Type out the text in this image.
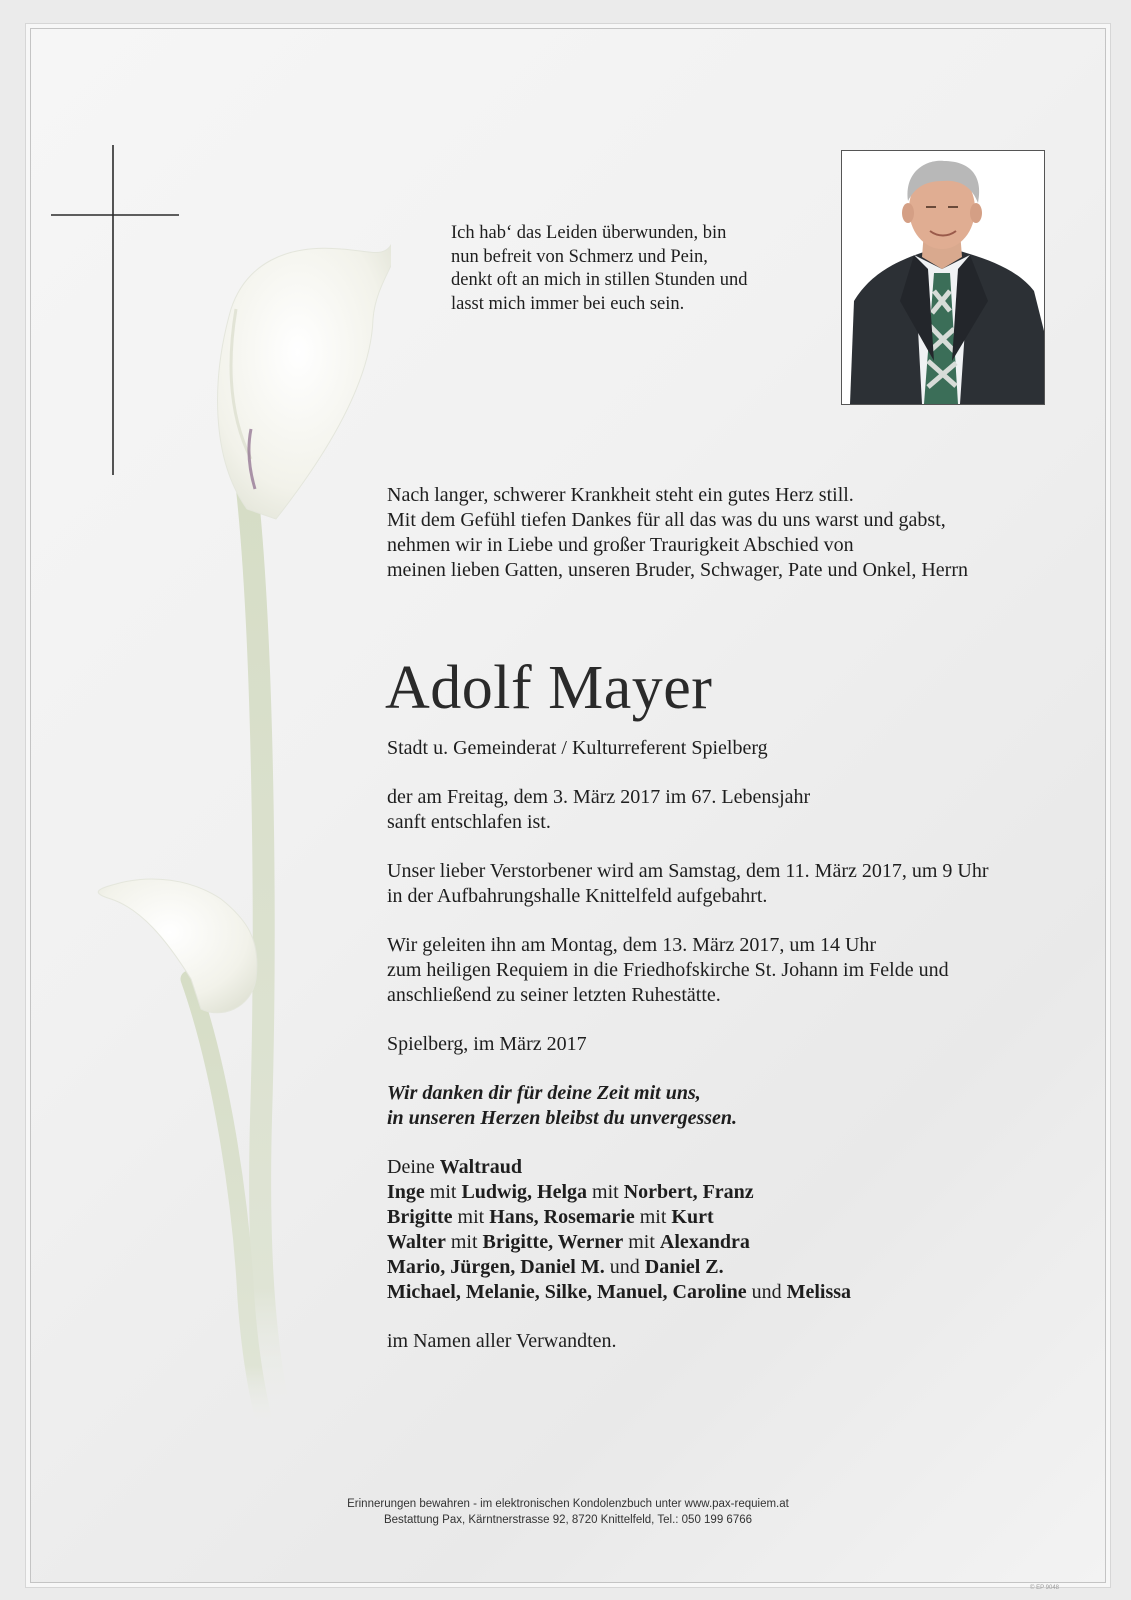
Ich hab‘ das Leiden überwunden, bin
nun befreit von Schmerz und Pein,
denkt oft an mich in stillen Stunden und
lasst mich immer bei euch sein.

Nach langer, schwerer Krankheit steht ein gutes Herz still.

Mit dem Gefühl tiefen Dankes für all das was du uns warst und gabst,

nehmen wir in Liebe und großer Traurigkeit Abschied von

meinen lieben Gatten, unseren Bruder, Schwager, Pate und Onkel, Herrn

Adolf Mayer
Stadt u. Gemeinderat / Kulturreferent Spielberg

der am Freitag, dem 3. März 2017 im 67. Lebensjahr

sanft entschlafen ist.

Unser lieber Verstorbener wird am Samstag, dem 11. März 2017, um 9 Uhr

in der Aufbahrungshalle Knittelfeld aufgebahrt.

Wir geleiten ihn am Montag, dem 13. März 2017, um 14 Uhr

zum heiligen Requiem in die Friedhofskirche St. Johann im Felde und

anschließend zu seiner letzten Ruhestätte.

Spielberg, im März 2017

Wir danken dir für deine Zeit mit uns,

in unseren Herzen bleibst du unvergessen.

Deine Waltraud

Inge mit Ludwig, Helga mit Norbert, Franz

Brigitte mit Hans, Rosemarie mit Kurt

Walter mit Brigitte, Werner mit Alexandra

Mario, Jürgen, Daniel M. und Daniel Z.

Michael, Melanie, Silke, Manuel, Caroline und Melissa

im Namen aller Verwandten.

Erinnerungen bewahren - im elektronischen Kondolenzbuch unter www.pax-requiem.at

Bestattung Pax, Kärntnerstrasse 92, 8720 Knittelfeld, Tel.: 050 199 6766

© EP 9048
